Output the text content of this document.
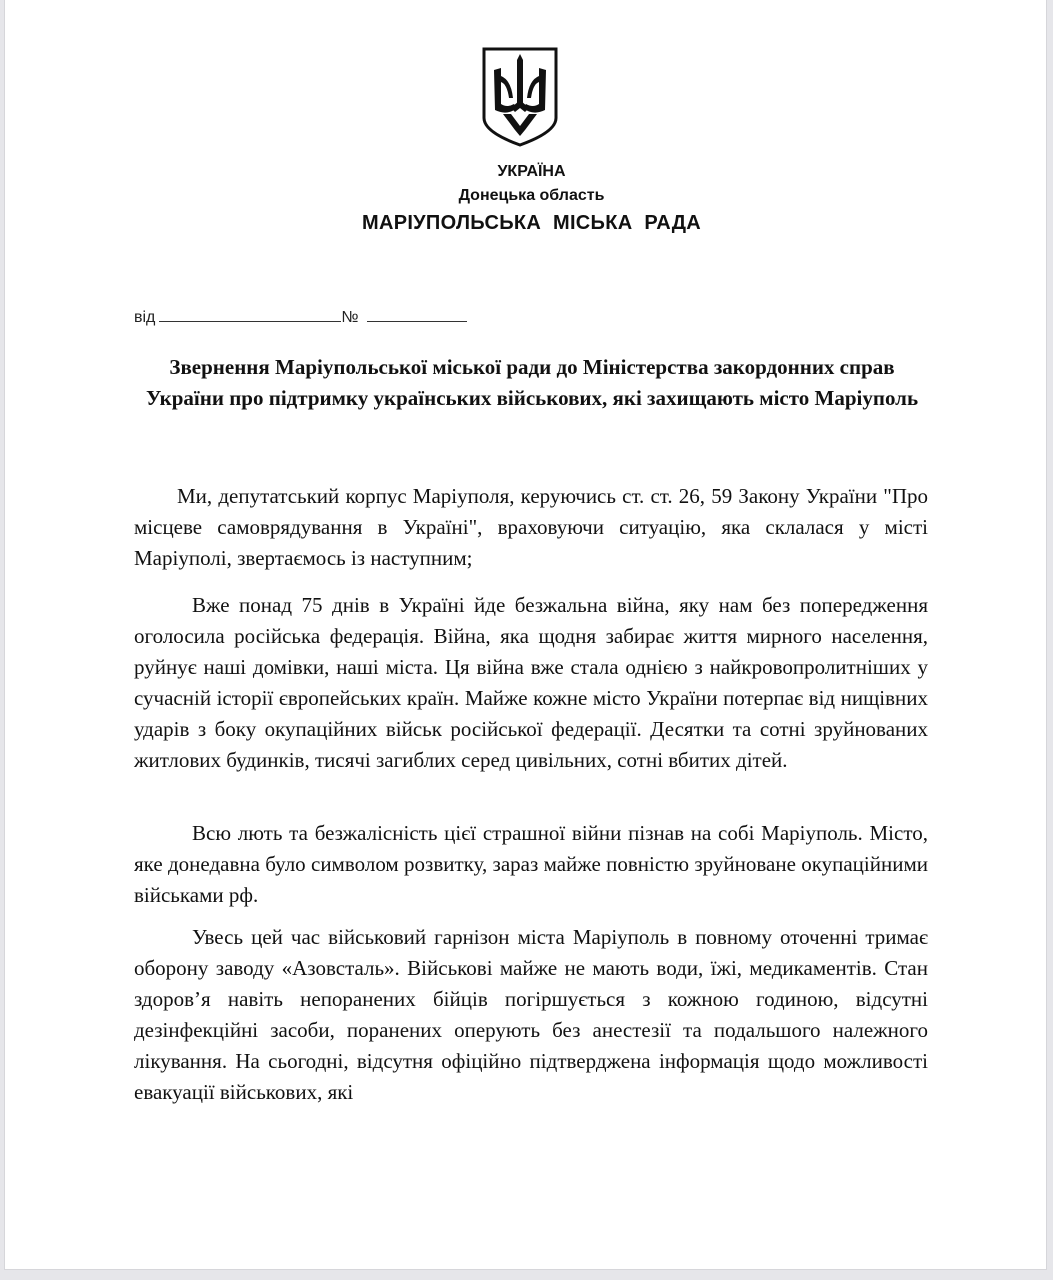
УКРАЇНА
Донецька область
МАРІУПОЛЬСЬКА МІСЬКА РАДА
від	№
Звернення Маріупольської міської ради до Міністерства закордонних справ України про підтримку українських військових, які захищають місто Маріуполь

Ми, депутатський корпус Маріуполя, керуючись ст. ст. 26, 59 Закону України "Про місцеве самоврядування в Україні", враховуючи ситуацію, яка склалася у місті Маріуполі, звертаємось із наступним;

Вже понад 75 днів в Україні йде безжальна війна, яку нам без попередження оголосила російська федерація. Війна, яка щодня забирає життя мирного населення, руйнує наші домівки, наші міста. Ця війна вже стала однією з найкровопролитніших у сучасній історії європейських країн. Майже кожне місто України потерпає від нищівних ударів з боку окупаційних військ російської федерації. Десятки та сотні зруйнованих житлових будинків, тисячі загиблих серед цивільних, сотні вбитих дітей.

Всю лють та безжалісність цієї страшної війни пізнав на собі Маріуполь. Місто, яке донедавна було символом розвитку, зараз майже повністю зруйноване окупаційними військами рф.

Увесь цей час військовий гарнізон міста Маріуполь в повному оточенні тримає оборону заводу «Азовсталь». Військові майже не мають води, їжі, медикаментів. Стан здоров’я навіть непоранених бійців погіршується з кожною годиною, відсутні дезінфекційні засоби, поранених оперують без анестезії та подальшого належного лікування. На сьогодні, відсутня офіційно підтверджена інформація щодо можливості евакуації військових, які
